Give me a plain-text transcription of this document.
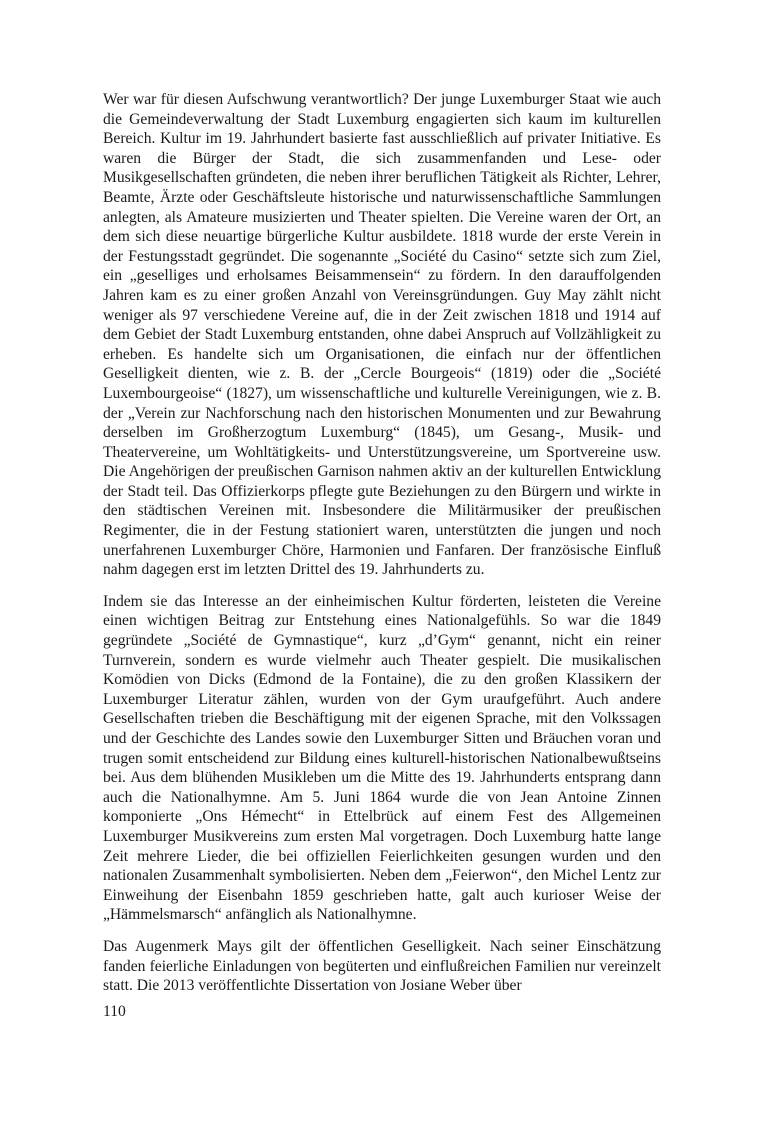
Wer war für diesen Aufschwung verantwortlich? Der junge Luxemburger Staat wie auch die Gemeindeverwaltung der Stadt Luxemburg engagierten sich kaum im kulturellen Bereich. Kultur im 19. Jahrhundert basierte fast ausschließlich auf privater Initiative. Es waren die Bürger der Stadt, die sich zusammenfanden und Lese- oder Musikgesellschaften gründeten, die neben ihrer beruflichen Tätigkeit als Richter, Lehrer, Beamte, Ärzte oder Geschäftsleute historische und naturwissenschaftliche Sammlungen anlegten, als Amateure musizierten und Theater spielten. Die Vereine waren der Ort, an dem sich diese neuartige bürgerliche Kultur ausbildete. 1818 wurde der erste Verein in der Festungsstadt gegründet. Die sogenannte „Société du Casino“ setzte sich zum Ziel, ein „geselliges und erholsames Beisammensein“ zu fördern. In den darauffolgenden Jahren kam es zu einer großen Anzahl von Vereinsgründungen. Guy May zählt nicht weniger als 97 verschiedene Vereine auf, die in der Zeit zwischen 1818 und 1914 auf dem Gebiet der Stadt Luxemburg entstanden, ohne dabei Anspruch auf Vollzähligkeit zu erheben. Es handelte sich um Organisationen, die einfach nur der öffentlichen Geselligkeit dienten, wie z. B. der „Cercle Bourgeois“ (1819) oder die „Société Luxembourgeoise“ (1827), um wissenschaftliche und kulturelle Vereinigungen, wie z. B. der „Verein zur Nachforschung nach den historischen Monumenten und zur Bewahrung derselben im Großherzogtum Luxemburg“ (1845), um Gesang-, Musik- und Theatervereine, um Wohltätigkeits- und Unterstützungsvereine, um Sportvereine usw. Die Angehörigen der preußischen Garnison nahmen aktiv an der kulturellen Entwicklung der Stadt teil. Das Offizierkorps pflegte gute Beziehungen zu den Bürgern und wirkte in den städtischen Vereinen mit. Insbesondere die Militärmusiker der preußischen Regimenter, die in der Festung stationiert waren, unterstützten die jungen und noch unerfahrenen Luxemburger Chöre, Harmonien und Fanfaren. Der französische Einfluß nahm dagegen erst im letzten Drittel des 19. Jahrhunderts zu.

Indem sie das Interesse an der einheimischen Kultur förderten, leisteten die Vereine einen wichtigen Beitrag zur Entstehung eines Nationalgefühls. So war die 1849 gegründete „Société de Gymnastique“, kurz „d’Gym“ genannt, nicht ein reiner Turnverein, sondern es wurde vielmehr auch Theater gespielt. Die musikalischen Komödien von Dicks (Edmond de la Fontaine), die zu den großen Klassikern der Luxemburger Literatur zählen, wurden von der Gym uraufgeführt. Auch andere Gesellschaften trieben die Beschäftigung mit der eigenen Sprache, mit den Volkssagen und der Geschichte des Landes sowie den Luxemburger Sitten und Bräuchen voran und trugen somit entscheidend zur Bildung eines kulturell-historischen Nationalbewußtseins bei. Aus dem blühenden Musikleben um die Mitte des 19. Jahrhunderts entsprang dann auch die Nationalhymne. Am 5. Juni 1864 wurde die von Jean Antoine Zinnen komponierte „Ons Hémecht“ in Ettelbrück auf einem Fest des Allgemeinen Luxemburger Musikvereins zum ersten Mal vorgetragen. Doch Luxemburg hatte lange Zeit mehrere Lieder, die bei offiziellen Feierlichkeiten gesungen wurden und den nationalen Zusammenhalt symbolisierten. Neben dem „Feierwon“, den Michel Lentz zur Einweihung der Eisenbahn 1859 geschrieben hatte, galt auch kurioser Weise der „Hämmelsmarsch“ anfänglich als Nationalhymne.

Das Augenmerk Mays gilt der öffentlichen Geselligkeit. Nach seiner Einschätzung fanden feierliche Einladungen von begüterten und einflußreichen Familien nur vereinzelt statt. Die 2013 veröffentlichte Dissertation von Josiane Weber über

110
